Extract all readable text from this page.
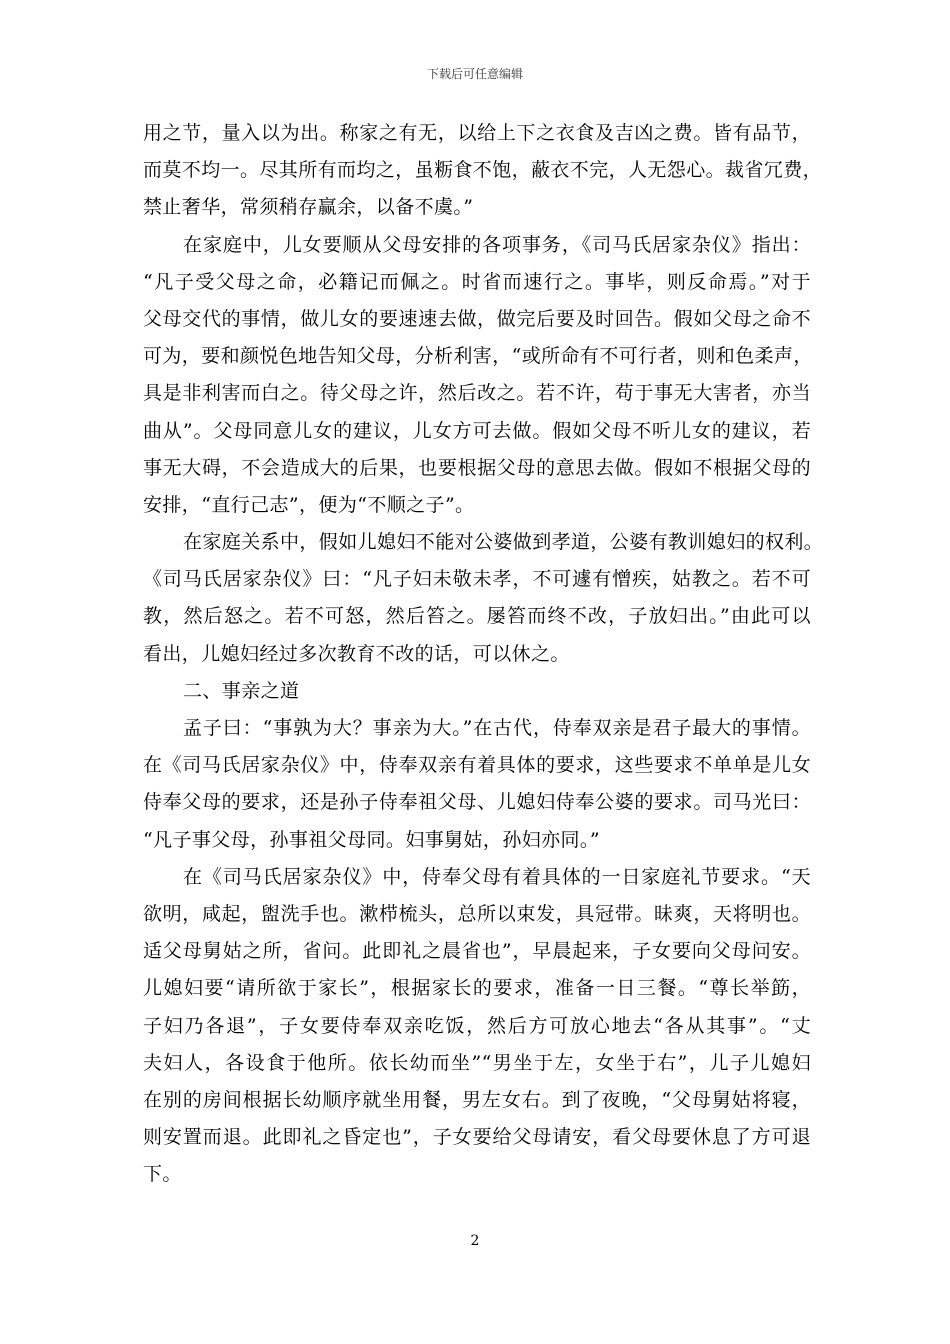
下载后可任意编辑
用之节，量入以为出。称家之有无，以给上下之衣食及吉凶之费。皆有品节，
而莫不均一。尽其所有而均之，虽粝食不饱，蔽衣不完，人无怨心。裁省冗费，
禁止奢华，常须稍存赢余，以备不虞。”
在家庭中，儿女要顺从父母安排的各项事务，《司马氏居家杂仪》指出：
“凡子受父母之命，必籍记而佩之。时省而速行之。事毕，则反命焉。”对于
父母交代的事情，做儿女的要速速去做，做完后要及时回告。假如父母之命不
可为，要和颜悦色地告知父母，分析利害，“或所命有不可行者，则和色柔声，
具是非利害而白之。待父母之许，然后改之。若不许，苟于事无大害者，亦当
曲从”。父母同意儿女的建议，儿女方可去做。假如父母不听儿女的建议，若
事无大碍，不会造成大的后果，也要根据父母的意思去做。假如不根据父母的
安排，“直行己志”，便为“不顺之子”。
在家庭关系中，假如儿媳妇不能对公婆做到孝道，公婆有教训媳妇的权利。
《司马氏居家杂仪》曰：“凡子妇未敬未孝，不可遽有憎疾，姑教之。若不可
教，然后怒之。若不可怒，然后笞之。屡笞而终不改，子放妇出。”由此可以
看出，儿媳妇经过多次教育不改的话，可以休之。
二、事亲之道
孟子曰：“事孰为大？事亲为大。”在古代，侍奉双亲是君子最大的事情。
在《司马氏居家杂仪》中，侍奉双亲有着具体的要求，这些要求不单单是儿女
侍奉父母的要求，还是孙子侍奉祖父母、儿媳妇侍奉公婆的要求。司马光曰：
“凡子事父母，孙事祖父母同。妇事舅姑，孙妇亦同。”
在《司马氏居家杂仪》中，侍奉父母有着具体的一日家庭礼节要求。“天
欲明，咸起，盥洗手也。漱栉梳头，总所以束发，具冠带。昧爽，天将明也。
适父母舅姑之所，省问。此即礼之晨省也”，早晨起来，子女要向父母问安。
儿媳妇要“请所欲于家长”，根据家长的要求，准备一日三餐。“尊长举筯，
子妇乃各退”，子女要侍奉双亲吃饭，然后方可放心地去“各从其事”。“丈
夫妇人，各设食于他所。依长幼而坐”“男坐于左，女坐于右”，儿子儿媳妇
在别的房间根据长幼顺序就坐用餐，男左女右。到了夜晚，“父母舅姑将寝，
则安置而退。此即礼之昏定也”，子女要给父母请安，看父母要休息了方可退
下。
2
